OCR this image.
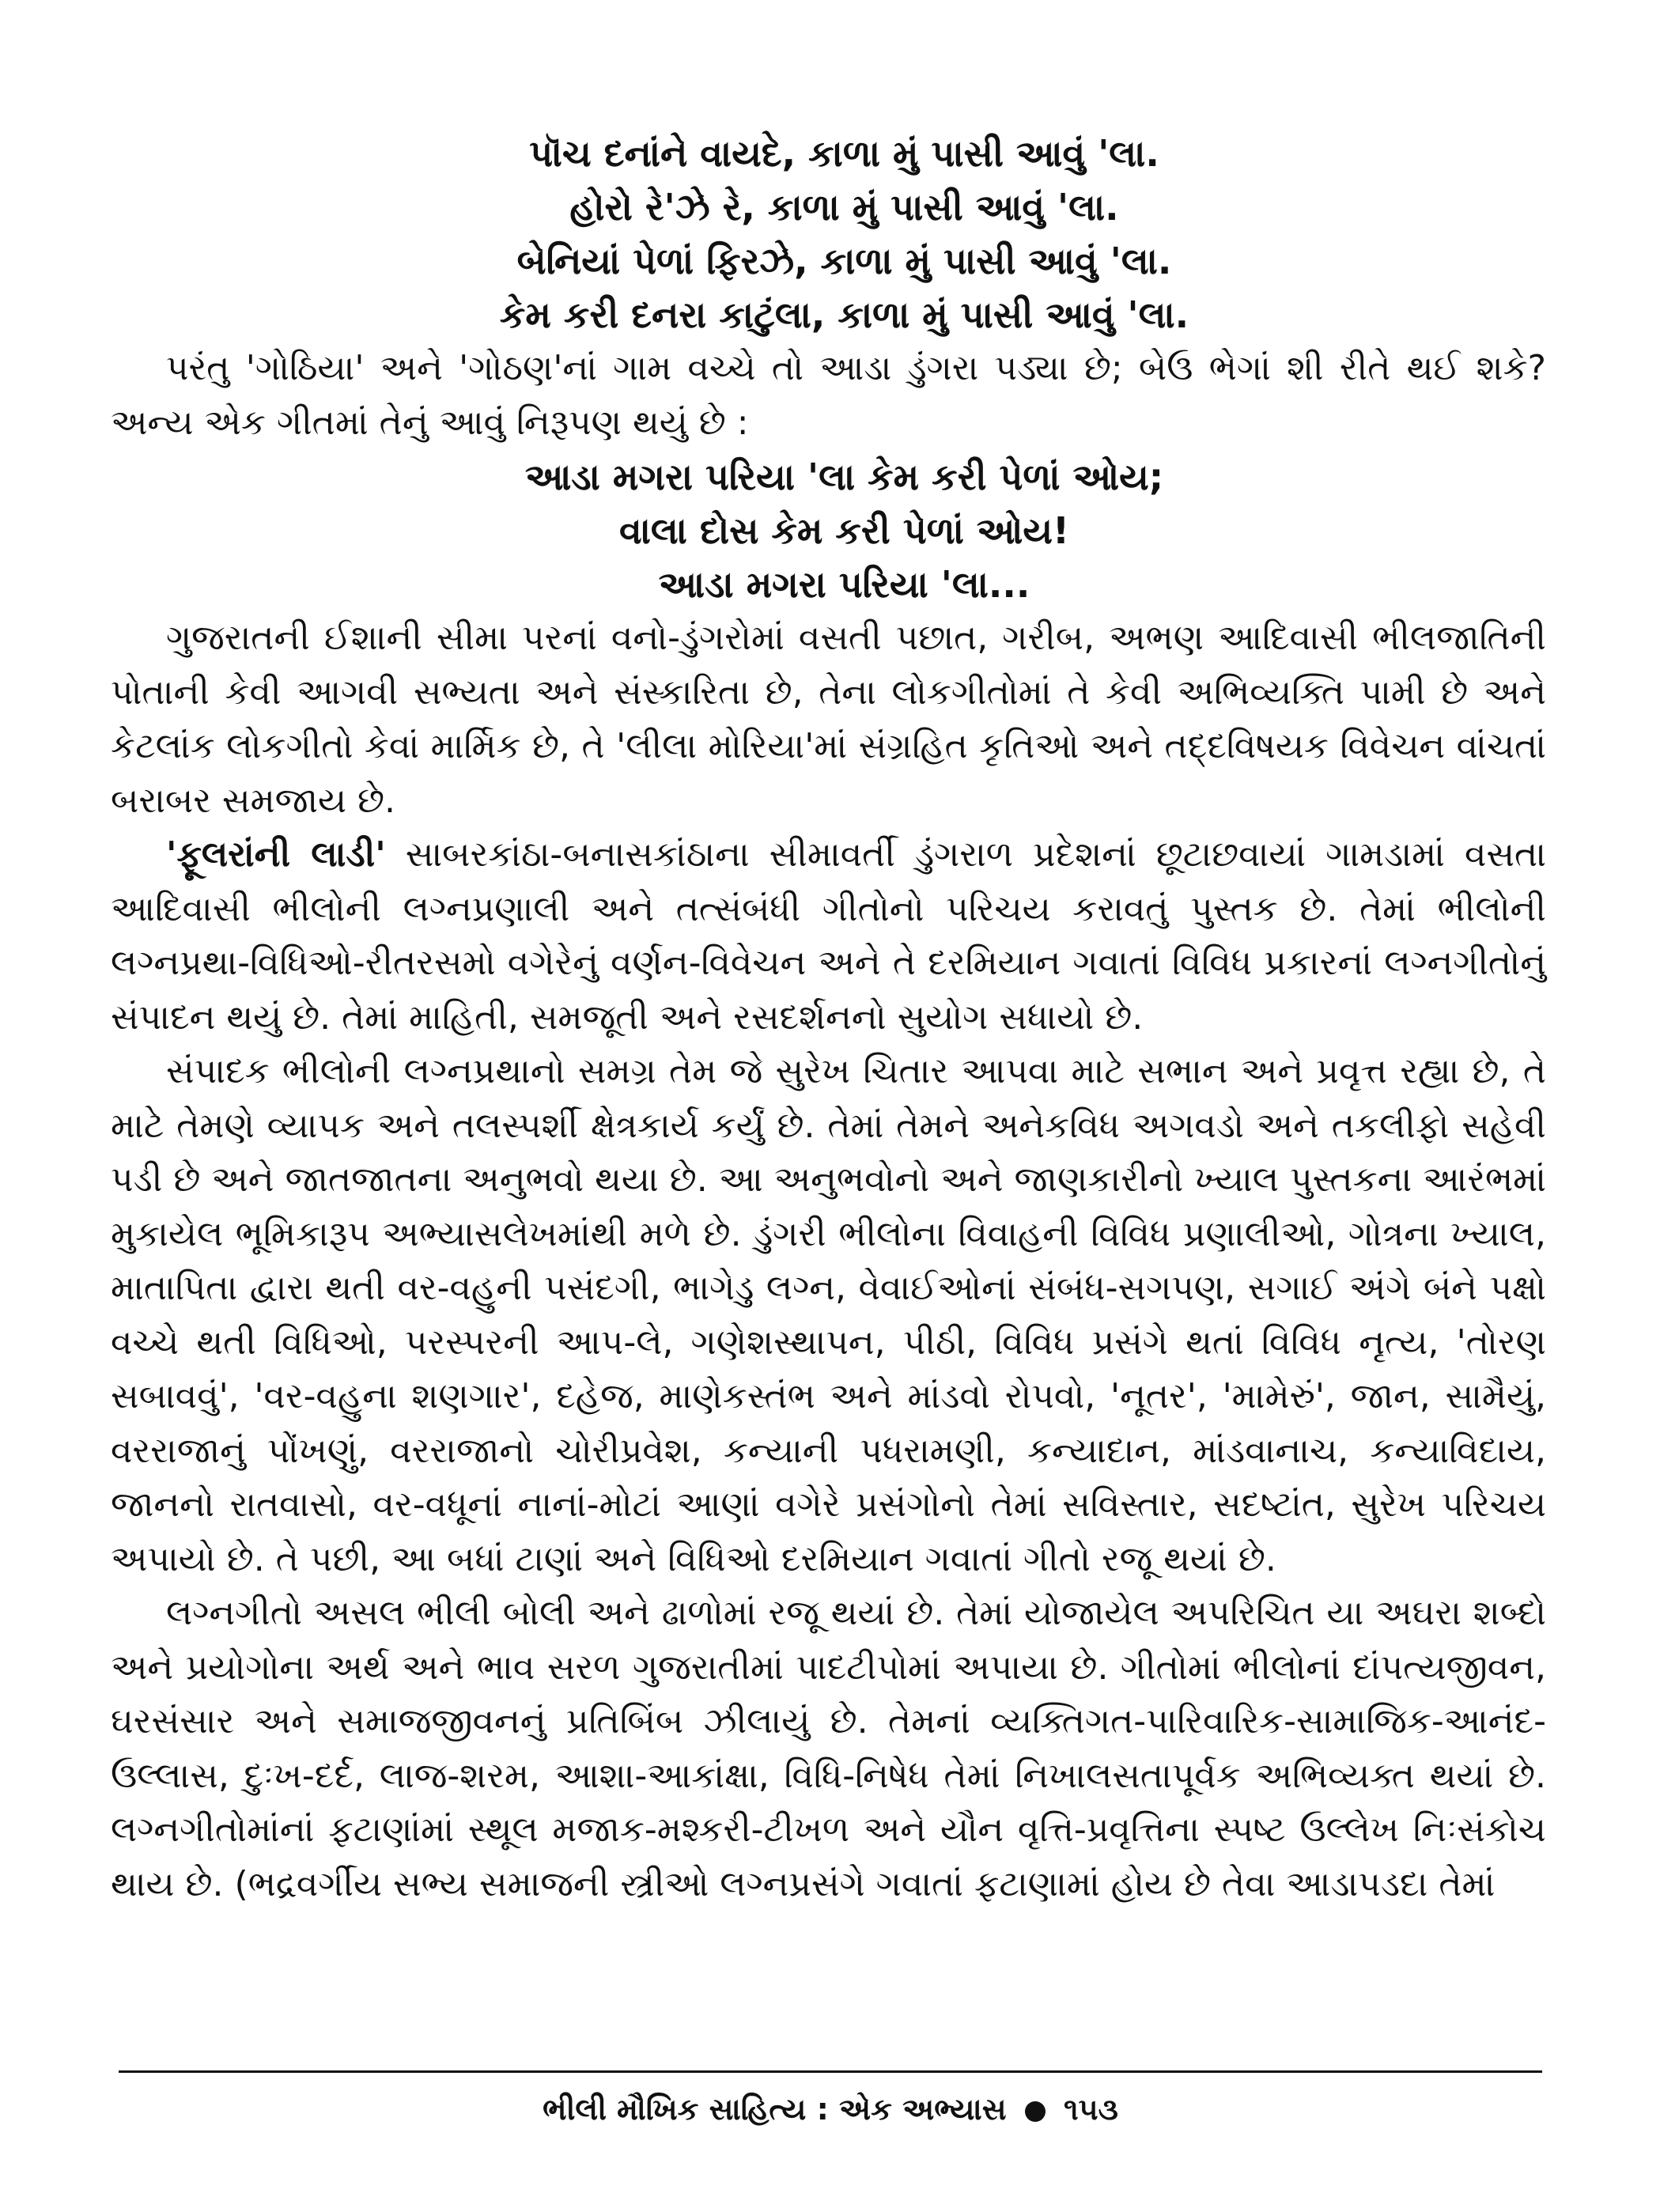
પૉચ દનાંને વાયદે, કાળા મું પાસી આવું 'લા.

હોરો રે'ઝે રે, કાળા મું પાસી આવું 'લા.

બેનિયાં પેળાં ફિરઝે, કાળા મું પાસી આવું 'લા.

કેમ કરી દનરા કાટુંલા, કાળા મું પાસી આવું 'લા.

પરંતુ 'ગોઠિયા' અને 'ગોઠણ'નાં ગામ વચ્ચે તો આડા ડુંગરા પડ્યા છે; બેઉ ભેગાં શી રીતે થઈ શકે? અન્ય એક ગીતમાં તેનું આવું નિરૂપણ થયું છે :

આડા મગરા પરિયા 'લા કેમ કરી પેળાં ઓય;

વાલા દોસ કેમ કરી પેળાં ઓય!

આડા મગરા પરિયા 'લા...

ગુજરાતની ઈશાની સીમા પરનાં વનો-ડુંગરોમાં વસતી પછાત, ગરીબ, અભણ આદિવાસી ભીલજાતિની પોતાની કેવી આગવી સભ્યતા અને સંસ્કારિતા છે, તેના લોકગીતોમાં તે કેવી અભિવ્યક્તિ પામી છે અને કેટલાંક લોકગીતો કેવાં માર્મિક છે, તે 'લીલા મોરિયા'માં સંગ્રહિત કૃતિઓ અને તદ્દવિષયક વિવેચન વાંચતાં બરાબર સમજાય છે.

'ફૂલરાંની લાડી' સાબરકાંઠા-બનાસકાંઠાના સીમાવર્તી ડુંગરાળ પ્રદેશનાં છૂટાછવાયાં ગામડામાં વસતા આદિવાસી ભીલોની લગ્નપ્રણાલી અને તત્સંબંધી ગીતોનો પરિચય કરાવતું પુસ્તક છે. તેમાં ભીલોની લગ્નપ્રથા-વિધિઓ-રીતરસમો વગેરેનું વર્ણન-વિવેચન અને તે દરમિયાન ગવાતાં વિવિધ પ્રકારનાં લગ્નગીતોનું સંપાદન થયું છે. તેમાં માહિતી, સમજૂતી અને રસદર્શનનો સુયોગ સધાયો છે.

સંપાદક ભીલોની લગ્નપ્રથાનો સમગ્ર તેમ જે સુરેખ ચિતાર આપવા માટે સભાન અને પ્રવૃત્ત રહ્યા છે, તે માટે તેમણે વ્યાપક અને તલસ્પર્શી ક્ષેત્રકાર્ય કર્યું છે. તેમાં તેમને અનેકવિધ અગવડો અને તકલીફો સહેવી પડી છે અને જાતજાતના અનુભવો થયા છે. આ અનુભવોનો અને જાણકારીનો ખ્યાલ પુસ્તકના આરંભમાં મુકાયેલ ભૂમિકારૂપ અભ્યાસલેખમાંથી મળે છે. ડુંગરી ભીલોના વિવાહની વિવિધ પ્રણાલીઓ, ગોત્રના ખ્યાલ, માતાપિતા દ્વારા થતી વર-વહુની પસંદગી, ભાગેડુ લગ્ન, વેવાઈઓનાં સંબંધ-સગપણ, સગાઈ અંગે બંને પક્ષો વચ્ચે થતી વિધિઓ, પરસ્પરની આપ-લે, ગણેશસ્થાપન, પીઠી, વિવિધ પ્રસંગે થતાં વિવિધ નૃત્ય, 'તોરણ સબાવવું', 'વર-વહુના શણગાર', દહેજ, માણેકસ્તંભ અને માંડવો રોપવો, 'નૂતર', 'મામેરું', જાન, સામૈયું, વરરાજાનું પોંખણું, વરરાજાનો ચોરીપ્રવેશ, કન્યાની પધરામણી, કન્યાદાન, માંડવાનાચ, કન્યાવિદાય, જાનનો રાતવાસો, વર-વધૂનાં નાનાં-મોટાં આણાં વગેરે પ્રસંગોનો તેમાં સવિસ્તાર, સદષ્ટાંત, સુરેખ પરિચય અપાયો છે. તે પછી, આ બધાં ટાણાં અને વિધિઓ દરમિયાન ગવાતાં ગીતો રજૂ થયાં છે.

લગ્નગીતો અસલ ભીલી બોલી અને ઢાળોમાં રજૂ થયાં છે. તેમાં યોજાયેલ અપરિચિત યા અઘરા શબ્દો અને પ્રયોગોના અર્થ અને ભાવ સરળ ગુજરાતીમાં પાદટીપોમાં અપાયા છે. ગીતોમાં ભીલોનાં દાંપત્યજીવન, ઘરસંસાર અને સમાજજીવનનું પ્રતિબિંબ ઝીલાયું છે. તેમનાં વ્યક્તિગત-પારિવારિક-સામાજિક-આનંદ-ઉલ્લાસ, દુઃખ-દર્દ, લાજ-શરમ, આશા-આકાંક્ષા, વિધિ-નિષેધ તેમાં નિખાલસતાપૂર્વક અભિવ્યક્ત થયાં છે. લગ્નગીતોમાંનાં ફટાણાંમાં સ્થૂલ મજાક-મશ્કરી-ટીખળ અને યૌન વૃત્તિ-પ્રવૃત્તિના સ્પષ્ટ ઉલ્લેખ નિઃસંકોચ થાય છે. (ભદ્રવર્ગીય સભ્ય સમાજની સ્ત્રીઓ લગ્નપ્રસંગે ગવાતાં ફટાણામાં હોય છે તેવા આડાપડદા તેમાં

ભીલી મૌખિક સાહિત્ય : એક અભ્યાસ ૧૫૩
